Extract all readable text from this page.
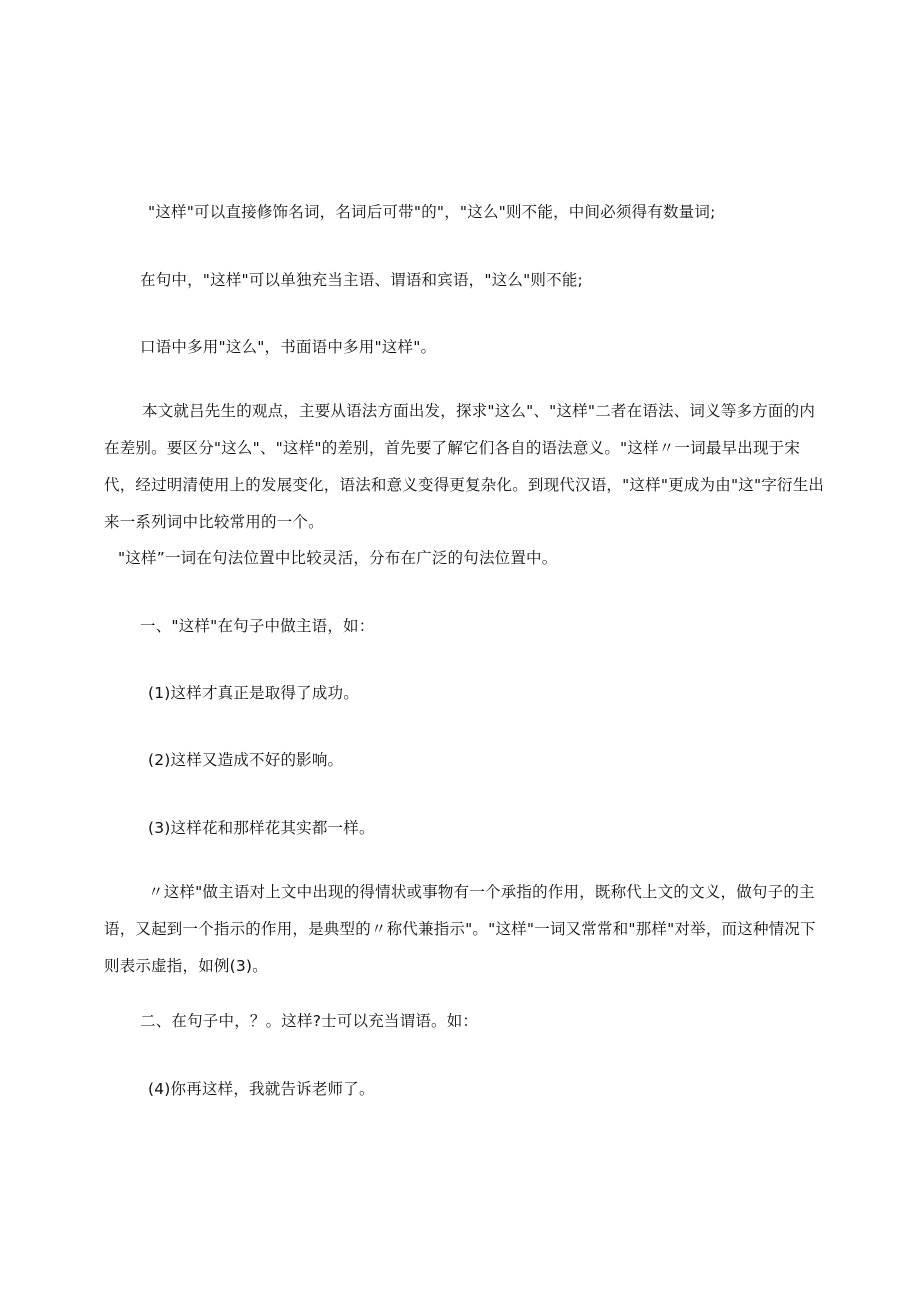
"这样"可以直接修饰名词，名词后可带"的"，"这么"则不能，中间必须得有数量词;
在句中，"这样"可以单独充当主语、谓语和宾语，"这么"则不能;
口语中多用"这么"，书面语中多用"这样"。
本文就吕先生的观点，主要从语法方面出发，探求"这么"、"这样"二者在语法、词义等多方面的内
在差别。要区分"这么"、"这样"的差别，首先要了解它们各自的语法意义。"这样〃一词最早出现于宋
代，经过明清使用上的发展变化，语法和意义变得更复杂化。到现代汉语，"这样"更成为由"这"字衍生出
来一系列词中比较常用的一个。
"这样”一词在句法位置中比较灵活，分布在广泛的句法位置中。
一、"这样"在句子中做主语，如：
(1)这样才真正是取得了成功。
(2)这样又造成不好的影响。
(3)这样花和那样花其实都一样。
〃这样"做主语对上文中出现的得情状或事物有一个承指的作用，既称代上文的文义，做句子的主
语，又起到一个指示的作用，是典型的〃称代兼指示"。"这样"一词又常常和"那样"对举，而这种情况下
则表示虚指，如例(3)。
二、在句子中，？。这样?士可以充当谓语。如：
(4)你再这样，我就告诉老师了。
